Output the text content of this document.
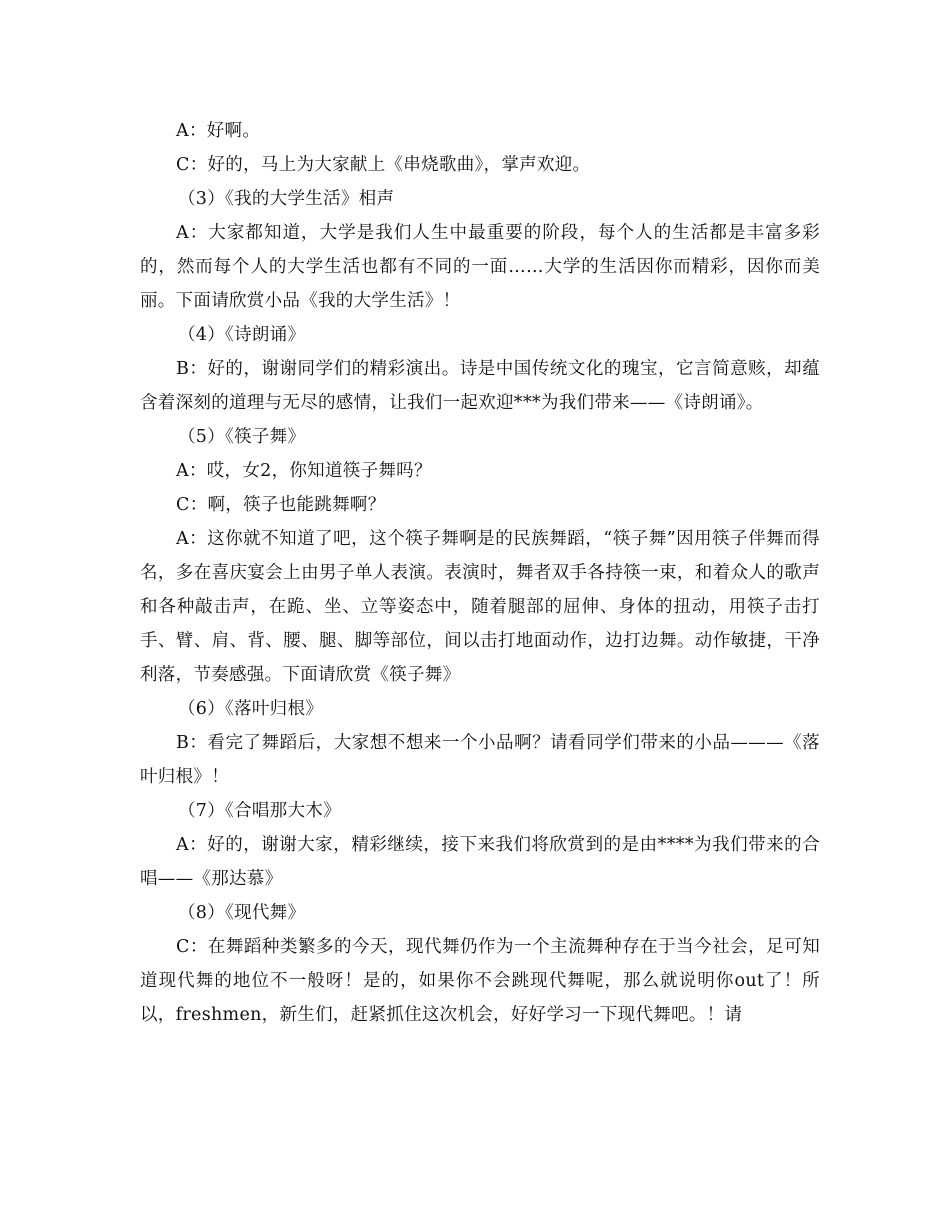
A：好啊。

C：好的，马上为大家献上《串烧歌曲》，掌声欢迎。

（3）《我的大学生活》相声

A：大家都知道，大学是我们人生中最重要的阶段，每个人的生活都是丰富多彩的，然而每个人的大学生活也都有不同的一面……大学的生活因你而精彩，因你而美丽。下面请欣赏小品《我的大学生活》！

（4）《诗朗诵》

B：好的，谢谢同学们的精彩演出。诗是中国传统文化的瑰宝，它言简意赅，却蕴含着深刻的道理与无尽的感情，让我们一起欢迎***为我们带来——《诗朗诵》。

（5）《筷子舞》

A：哎，女2，你知道筷子舞吗？

C：啊，筷子也能跳舞啊？

A：这你就不知道了吧，这个筷子舞啊是的民族舞蹈，“筷子舞”因用筷子伴舞而得名，多在喜庆宴会上由男子单人表演。表演时，舞者双手各持筷一束，和着众人的歌声和各种敲击声，在跪、坐、立等姿态中，随着腿部的屈伸、身体的扭动，用筷子击打手、臂、肩、背、腰、腿、脚等部位，间以击打地面动作，边打边舞。动作敏捷，干净利落，节奏感强。下面请欣赏《筷子舞》

（6）《落叶归根》

B：看完了舞蹈后，大家想不想来一个小品啊？请看同学们带来的小品———《落叶归根》！

（7）《合唱那大木》

A：好的，谢谢大家，精彩继续，接下来我们将欣赏到的是由****为我们带来的合唱——《那达慕》

（8）《现代舞》

C：在舞蹈种类繁多的今天，现代舞仍作为一个主流舞种存在于当今社会，足可知道现代舞的地位不一般呀！是的，如果你不会跳现代舞呢，那么就说明你out了！所以，freshmen，新生们，赶紧抓住这次机会，好好学习一下现代舞吧。！请
